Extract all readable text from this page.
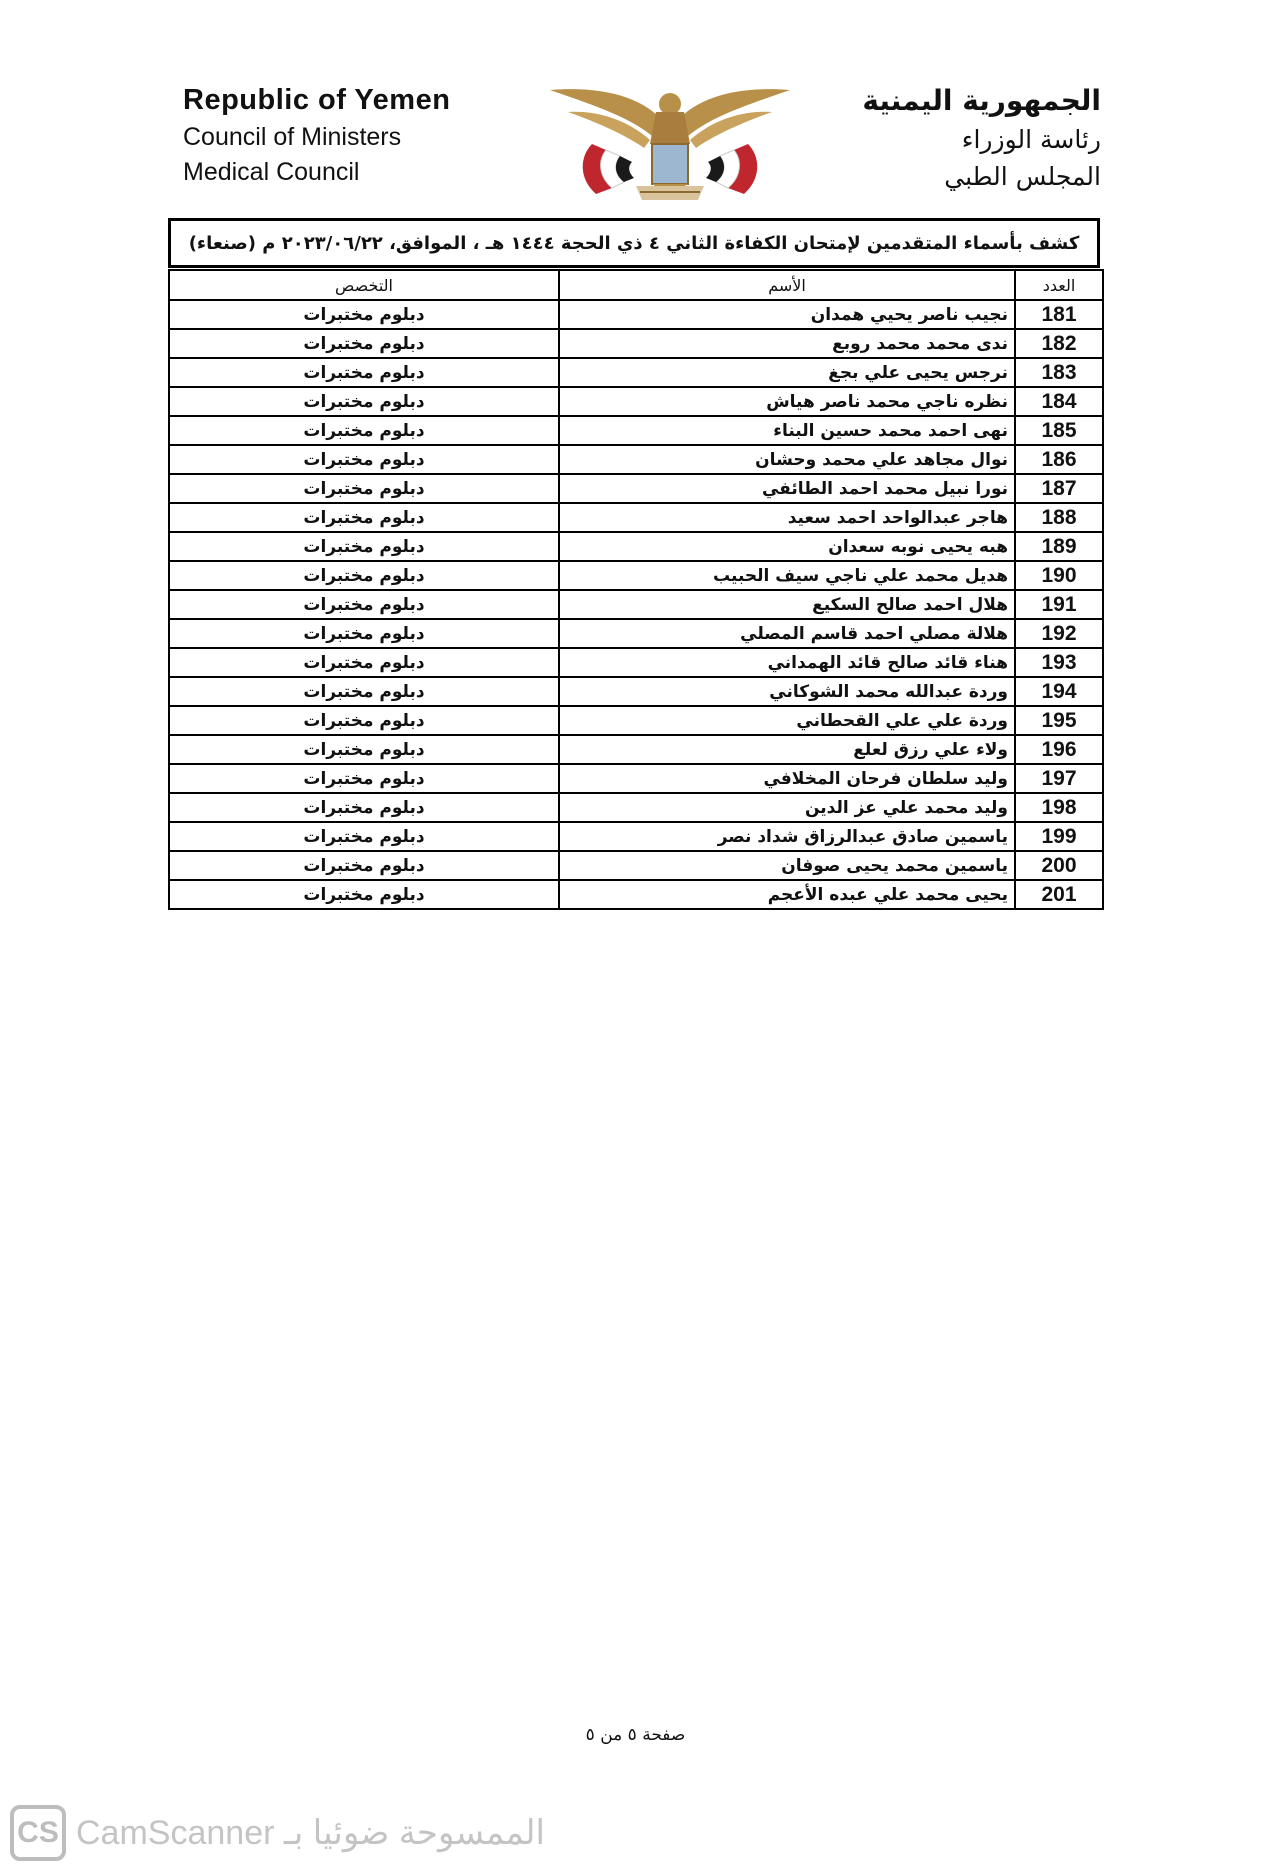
Republic of Yemen
Council of Ministers
Medical Council
الجمهورية اليمنية
رئاسة الوزراء
المجلس الطبي
كشف بأسماء المتقدمين لإمتحان الكفاءة الثاني ٤ ذي الحجة ١٤٤٤ هـ ، الموافق، ٢٠٢٣/٠٦/٢٢ م (صنعاء)
العدد	الأسم	التخصص
181	نجيب ناصر يحيي همدان	دبلوم مختبرات
182	ندى محمد محمد روبع	دبلوم مختبرات
183	نرجس يحيى علي بجغ	دبلوم مختبرات
184	نظره ناجي محمد ناصر هياش	دبلوم مختبرات
185	نهى احمد محمد حسين البناء	دبلوم مختبرات
186	نوال مجاهد علي محمد وحشان	دبلوم مختبرات
187	نورا نبيل محمد احمد الطائفي	دبلوم مختبرات
188	هاجر عبدالواحد احمد سعيد	دبلوم مختبرات
189	هبه يحيى نوبه سعدان	دبلوم مختبرات
190	هديل محمد علي ناجي سيف الحبيب	دبلوم مختبرات
191	هلال احمد صالح السكيع	دبلوم مختبرات
192	هلالة مصلي احمد قاسم المصلي	دبلوم مختبرات
193	هناء قائد صالح قائد الهمداني	دبلوم مختبرات
194	وردة عبدالله محمد الشوكاني	دبلوم مختبرات
195	وردة علي علي القحطاني	دبلوم مختبرات
196	ولاء علي رزق لعلع	دبلوم مختبرات
197	وليد سلطان فرحان المخلافي	دبلوم مختبرات
198	وليد محمد علي عز الدين	دبلوم مختبرات
199	ياسمين صادق عبدالرزاق شداد نصر	دبلوم مختبرات
200	ياسمين محمد يحيى صوفان	دبلوم مختبرات
201	يحيى محمد علي عبده الأعجم	دبلوم مختبرات
صفحة ٥ من ٥
CS الممسوحة ضوئيا بـ CamScanner
